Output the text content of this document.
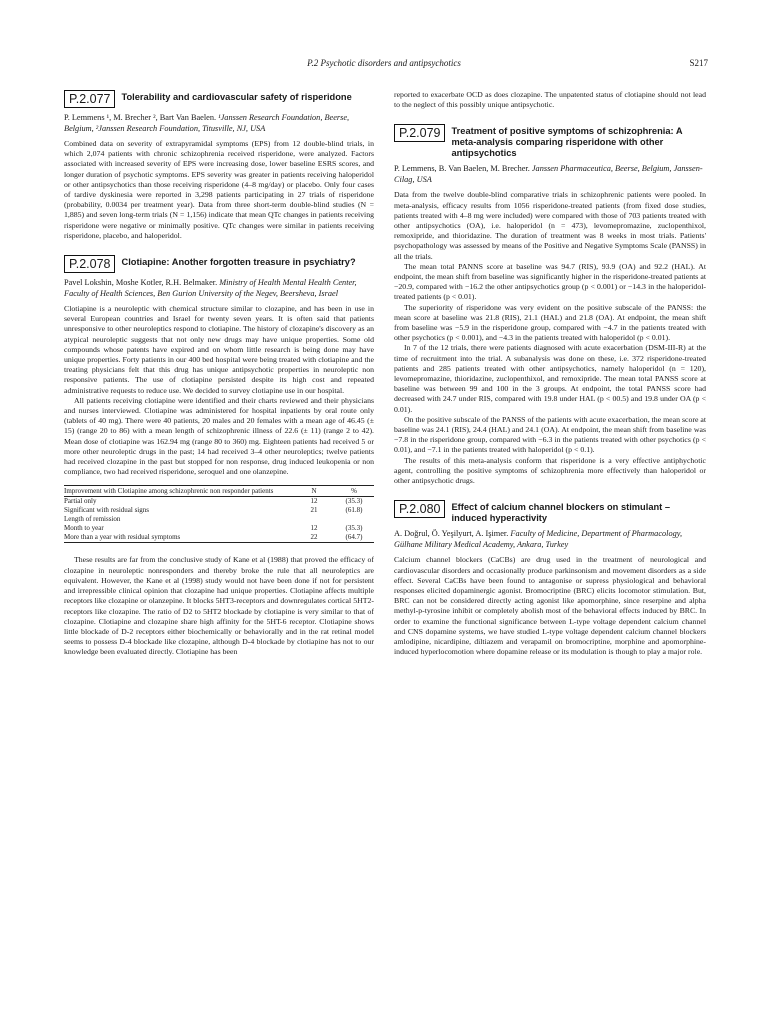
P.2 Psychotic disorders and antipsychotics	S217
P.2.077	Tolerability and cardiovascular safety of risperidone

P. Lemmens ¹, M. Brecher ², Bart Van Baelen. ¹Janssen Research Foundation, Beerse, Belgium, ²Janssen Research Foundation, Titusville, NJ, USA

Combined data on severity of extrapyramidal symptoms (EPS) from 12 double-blind trials, in which 2,074 patients with chronic schizophrenia received risperidone, were analyzed. Factors associated with increased severity of EPS were increasing dose, lower baseline ESRS scores, and longer duration of psychotic symptoms. EPS severity was greater in patients receiving haloperidol or other antipsychotics than those receiving risperidone (4–8 mg/day) or placebo. Only four cases of tardive dyskinesia were reported in 3,298 patients participating in 27 trials of risperidone (probability, 0.0034 per treatment year). Data from three short-term double-blind studies (N = 1,885) and seven long-term trials (N = 1,156) indicate that mean QTc changes in patients receiving risperidone were negative or minimally positive. QTc changes were similar in patients receiving risperidone, placebo, and haloperidol.

P.2.078	Clotiapine: Another forgotten treasure in psychiatry?

Pavel Lokshin, Moshe Kotler, R.H. Belmaker. Ministry of Health Mental Health Center, Faculty of Health Sciences, Ben Gurion University of the Negev, Beersheva, Israel

Clotiapine is a neuroleptic with chemical structure similar to clozapine, and has been in use in several European countries and Israel for twenty seven years. It is often said that patients unresponsive to other neuroleptics respond to clotiapine. The history of clozapine's discovery as an atypical neuroleptic suggests that not only new drugs may have unique properties. Some old compounds whose patents have expired and on whom little research is being done may have unique properties. Forty patients in our 400 bed hospital were being treated with clotiapine and the treating physicians felt that this drug has unique antipsychotic properties in neuroleptic non responsive patients. The use of clotiapine persisted despite its high cost and repeated administrative requests to reduce use. We decided to survey clotiapine use in our hospital.

All patients receiving clotiapine were identified and their charts reviewed and their physicians and nurses interviewed. Clotiapine was administered for hospital inpatients by oral route only (tablets of 40 mg). There were 40 patients, 20 males and 20 females with a mean age of 46.45 (± 15) (range 20 to 86) with a mean length of schizophrenic illness of 22.6 (± 11) (range 2 to 42). Mean dose of clotiapine was 162.94 mg (range 80 to 360) mg. Eighteen patients had received 5 or more other neuroleptic drugs in the past; 14 had received 3–4 other neuroleptics; twelve patients had received clozapine in the past but stopped for non response, drug induced leukopenia or non compliance, two had received risperidone, seroquel and one olanzepine.

Improvement with Clotiapine among schizophrenic non responder patients	N	%
Partial only	12	(35.3)
Significant with residual signs	21	(61.8)
Length of remission		
Month to year	12	(35.3)
More than a year with residual symptoms	22	(64.7)

These results are far from the conclusive study of Kane et al (1988) that proved the efficacy of clozapine in neuroleptic nonresponders and thereby broke the rule that all neuroleptics are equivalent. However, the Kane et al (1998) study would not have been done if not for persistent and irrepressible clinical opinion that clozapine had unique properties. Clotiapine affects multiple receptors like clozapine or olanzepine. It blocks 5HT3-receptors and downregulates cortical 5HT2-receptors like clozapine. The ratio of D2 to 5HT2 blockade by clotiapine is very similar to that of clozapine. Clotiapine and clozapine share high affinity for the 5HT-6 receptor. Clotiapine shows little blockade of D-2 receptors either biochemically or behaviorally and in the rat retinal model seems to possess D-4 blockade like clozapine, although D-4 blockade by clotiapine has not to our knowledge been evaluated directly. Clotiapine has been

reported to exacerbate OCD as does clozapine. The unpatented status of clotiapine should not lead to the neglect of this possibly unique antipsychotic.

P.2.079	Treatment of positive symptoms of schizophrenia: A meta-analysis comparing risperidone with other antipsychotics

P. Lemmens, B. Van Baelen, M. Brecher. Janssen Pharmaceutica, Beerse, Belgium, Janssen-Cilag, USA

Data from the twelve double-blind comparative trials in schizophrenic patients were pooled. In meta-analysis, efficacy results from 1056 risperidone-treated patients (from fixed dose studies, patients treated with 4–8 mg were included) were compared with those of 703 patients treated with other antipsychotics (OA), i.e. haloperidol (n = 473), levomepromazine, zuclopenthixol, remoxipride, and thioridazine. The duration of treatment was 8 weeks in most trials. Patients' psychopathology was assessed by means of the Positive and Negative Symptoms Scale (PANSS) in all the trials.

The mean total PANNS score at baseline was 94.7 (RIS), 93.9 (OA) and 92.2 (HAL). At endpoint, the mean shift from baseline was significantly higher in the risperidone-treated patients at −20.9, compared with −16.2 the other antipsychotics group (p < 0.001) or −14.3 in the haloperidol-treated patients (p < 0.01).

The superiority of risperidone was very evident on the positive subscale of the PANSS: the mean score at baseline was 21.8 (RIS), 21.1 (HAL) and 21.8 (OA). At endpoint, the mean shift from baseline was −5.9 in the risperidone group, compared with −4.7 in the patients treated with other psychotics (p < 0.001), and −4.3 in the patients treated with haloperidol (p < 0.01).

In 7 of the 12 trials, there were patients diagnosed with acute exacerbation (DSM-III-R) at the time of recruitment into the trial. A subanalysis was done on these, i.e. 372 risperidone-treated patients and 285 patients treated with other antipsychotics, namely haloperidol (n = 120), levomepromazine, thioridazine, zuclopenthixol, and remoxipride. The mean total PANSS score at baseline was between 99 and 100 in the 3 groups. At endpoint, the total PANSS score had decreased with 24.7 under RIS, compared with 19.8 under HAL (p < 00.5) and 19.8 under OA (p < 0.01).

On the positive subscale of the PANSS of the patients with acute exacerbation, the mean score at baseline was 24.1 (RIS), 24.4 (HAL) and 24.1 (OA). At endpoint, the mean shift from baseline was −7.8 in the risperidone group, compared with −6.3 in the patients treated with other psychotics (p < 0.01), and −7.1 in the patients treated with haloperidol (p < 0.1).

The results of this meta-analysis conform that risperidone is a very effective antiphychotic agent, controlling the positive symptoms of schizophrenia more effectively than haloperidol or other antipsychotic drugs.

P.2.080	Effect of calcium channel blockers on stimulant – induced hyperactivity

A. Doğrul, Ö. Yeşilyurt, A. Işimer. Faculty of Medicine, Department of Pharmacology, Gülhane Military Medical Academy, Ankara, Turkey

Calcium channel blockers (CaCBs) are drug used in the treatment of neurological and cardiovascular disorders and occasionally produce parkinsonism and movement disorders as a side effect. Several CaCBs have been found to antagonise or supress physiological and behavioral responses elicited dopaminergic agonist. Bromocriptine (BRC) elicits locomotor stimulation. But, BRC can not be considered directly acting agonist like apomorphine, since reserpine and alpha methyl-p-tyrosine inhibit or completely abolish most of the behavioral effects induced by BRC. In order to examine the functional significance between L-type voltage dependent calcium channel and CNS dopamine systems, we have studied L-type voltage dependent calcium channel blockers amlodipine, nicardipine, diltiazem and verapamil on bromocriptine, morphine and apomorphine-induced hyperlocomotion where dopamine release or its modulation is though to play a major role.
